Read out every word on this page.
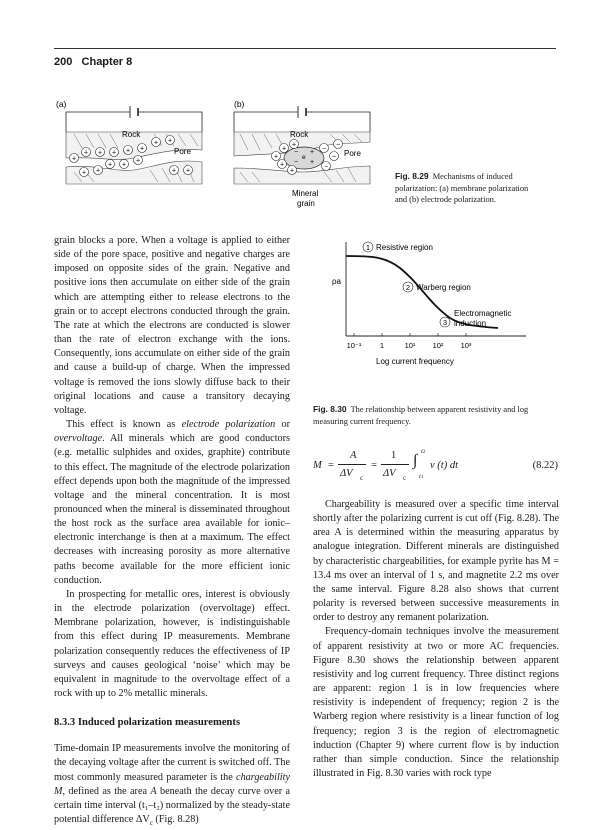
200 Chapter 8
(a)	(b)
Rock
Pore
+
+ + + + +
+ +
+ +
+
+ +	+ +
Rock
Pore
e
+
+
+
+
+
−
−
−
−
+
+
−
−
Mineral
grain
Fig. 8.29 Mechanisms of induced
polarization: (a) membrane polarization
and (b) electrode polarization.
ρa
1 Resistive region
2 Warberg region
3
Electromagnetic
induction
10⁻¹ 1	10¹ 10² 10³
Log current frequency
Fig. 8.30 The relationship between apparent resistivity and log
measuring current frequency.
M =
A
ΔV c
=
1
ΔV c
∫
t2
t1
v (t) dt	(8.22)

grain blocks a pore. When a voltage is applied to either side of the pore space, positive and negative charges are imposed on opposite sides of the grain. Negative and positive ions then accumulate on either side of the grain which are attempting either to release electrons to the grain or to accept electrons conducted through the grain. The rate at which the electrons are conducted is slower than the rate of electron exchange with the ions. Consequently, ions accumulate on either side of the grain and cause a build-up of charge. When the impressed voltage is removed the ions slowly diffuse back to their original locations and cause a transitory decaying voltage.

This effect is known as electrode polarization or overvoltage. All minerals which are good conductors (e.g. metallic sulphides and oxides, graphite) contribute to this effect. The magnitude of the electrode polarization effect depends upon both the magnitude of the impressed voltage and the mineral concentration. It is most pronounced when the mineral is disseminated throughout the host rock as the surface area available for ionic–electronic interchange is then at a maximum. The effect decreases with increasing porosity as more alternative paths become available for the more efficient ionic conduction.

In prospecting for metallic ores, interest is obviously in the electrode polarization (overvoltage) effect. Membrane polarization, however, is indistinguishable from this effect during IP measurements. Membrane polarization consequently reduces the effectiveness of IP surveys and causes geological ‘noise’ which may be equivalent in magnitude to the overvoltage effect of a rock with up to 2% metallic minerals.

8.3.3 Induced polarization measurements

Time-domain IP measurements involve the monitoring of the decaying voltage after the current is switched off. The most commonly measured parameter is the chargeability M, defined as the area A beneath the decay curve over a certain time interval (t₁–t₂) normalized by the steady-state potential difference $\Delta V_c$ (Fig. 8.28)

Chargeability is measured over a specific time interval shortly after the polarizing current is cut off (Fig. 8.28). The area A is determined within the measuring apparatus by analogue integration. Different minerals are distinguished by characteristic chargeabilities, for example pyrite has M = 13.4 ms over an interval of 1 s, and magnetite 2.2 ms over the same interval. Figure 8.28 also shows that current polarity is reversed between successive measurements in order to destroy any remanent polarization.

Frequency-domain techniques involve the measurement of apparent resistivity at two or more AC frequencies. Figure 8.30 shows the relationship between apparent resistivity and log current frequency. Three distinct regions are apparent: region 1 is in low frequencies where resistivity is independent of frequency; region 2 is the Warberg region where resistivity is a linear function of log frequency; region 3 is the region of electromagnetic induction (Chapter 9) where current flow is by induction rather than simple conduction. Since the relationship illustrated in Fig. 8.30 varies with rock type
